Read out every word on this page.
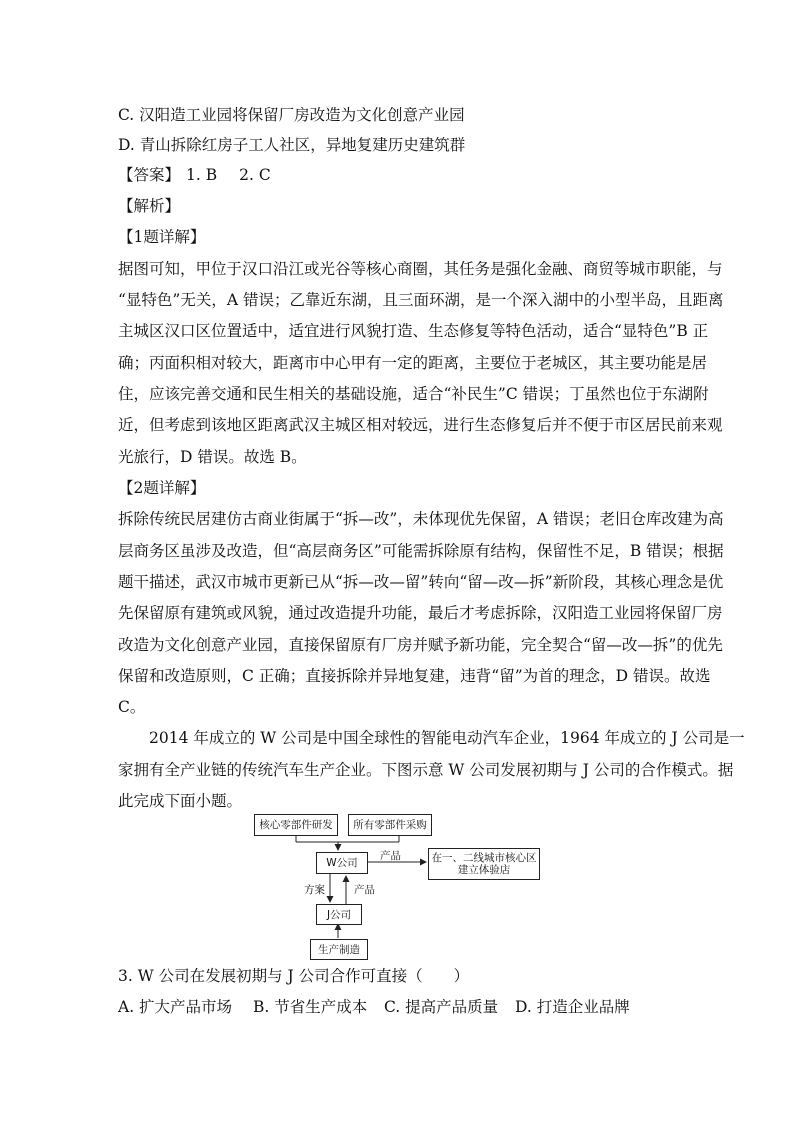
C. 汉阳造工业园将保留厂房改造为文化创意产业园
D. 青山拆除红房子工人社区，异地复建历史建筑群
【答案】 1. B 2. C
【解析】
【1题详解】
据图可知，甲位于汉口沿江或光谷等核心商圈，其任务是强化金融、商贸等城市职能，与
“显特色”无关，A 错误；乙靠近东湖，且三面环湖，是一个深入湖中的小型半岛，且距离
主城区汉口区位置适中，适宜进行风貌打造、生态修复等特色活动，适合“显特色”B 正
确；丙面积相对较大，距离市中心甲有一定的距离，主要位于老城区，其主要功能是居
住，应该完善交通和民生相关的基础设施，适合“补民生”C 错误；丁虽然也位于东湖附
近，但考虑到该地区距离武汉主城区相对较远，进行生态修复后并不便于市区居民前来观
光旅行，D 错误。故选 B。
【2题详解】
拆除传统民居建仿古商业街属于“拆—改”，未体现优先保留，A 错误；老旧仓库改建为高
层商务区虽涉及改造，但“高层商务区”可能需拆除原有结构，保留性不足，B 错误；根据
题干描述，武汉市城市更新已从“拆—改—留”转向“留—改—拆”新阶段，其核心理念是优
先保留原有建筑或风貌，通过改造提升功能，最后才考虑拆除，汉阳造工业园将保留厂房
改造为文化创意产业园，直接保留原有厂房并赋予新功能，完全契合“留—改—拆”的优先
保留和改造原则，C 正确；直接拆除并异地复建，违背“留”为首的理念，D 错误。故选
C。
2014 年成立的 W 公司是中国全球性的智能电动汽车企业，1964 年成立的 J 公司是一
家拥有全产业链的传统汽车生产企业。下图示意 W 公司发展初期与 J 公司的合作模式。据
此完成下面小题。
核心零部件研发	所有零部件采购
W公司	在一、二线城市核心区建立体验店
J公司
生产制造
产品
方案	产品
3. W 公司在发展初期与 J 公司合作可直接（　　）
A. 扩大产品市场 B. 节省生产成本 C. 提高产品质量 D. 打造企业品牌
